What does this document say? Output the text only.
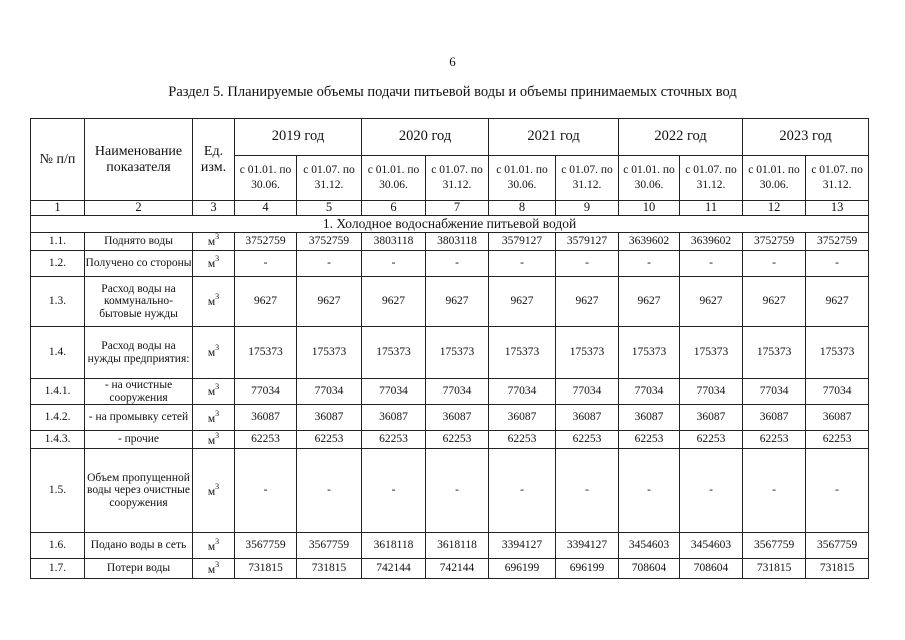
6
Раздел 5. Планируемые объемы подачи питьевой воды и объемы принимаемых сточных вод
№ п/п	Наименование показателя	Ед. изм.	2019 год		2020 год		2021 год		2022 год		2023 год	
			с 01.01. по 30.06.	с 01.07. по 31.12.	с 01.01. по 30.06.	с 01.07. по 31.12.	с 01.01. по 30.06.	с 01.07. по 31.12.	с 01.01. по 30.06.	с 01.07. по 31.12.	с 01.01. по 30.06.	с 01.07. по 31.12.
1	2	3	4	5	6	7	8	9	10	11	12	13
1. Холодное водоснабжение питьевой водой												
1.1.	Поднято воды	$м^3$	3752759	3752759	3803118	3803118	3579127	3579127	3639602	3639602	3752759	3752759
1.2.	Получено со стороны	$м^3$	-	-	-	-	-	-	-	-	-	-
1.3.	Расход воды на коммунально-бытовые нужды	$м^3$	9627	9627	9627	9627	9627	9627	9627	9627	9627	9627
1.4.	Расход воды на нужды предприятия:	$м^3$	175373	175373	175373	175373	175373	175373	175373	175373	175373	175373
1.4.1.	- на очистные сооружения	$м^3$	77034	77034	77034	77034	77034	77034	77034	77034	77034	77034
1.4.2.	- на промывку сетей	$м^3$	36087	36087	36087	36087	36087	36087	36087	36087	36087	36087
1.4.3.	- прочие	$м^3$	62253	62253	62253	62253	62253	62253	62253	62253	62253	62253
1.5.	Объем пропущенной воды через очистные сооружения	$м^3$	-	-	-	-	-	-	-	-	-	-
1.6.	Подано воды в сеть	$м^3$	3567759	3567759	3618118	3618118	3394127	3394127	3454603	3454603	3567759	3567759
1.7.	Потери воды	$м^3$	731815	731815	742144	742144	696199	696199	708604	708604	731815	731815
